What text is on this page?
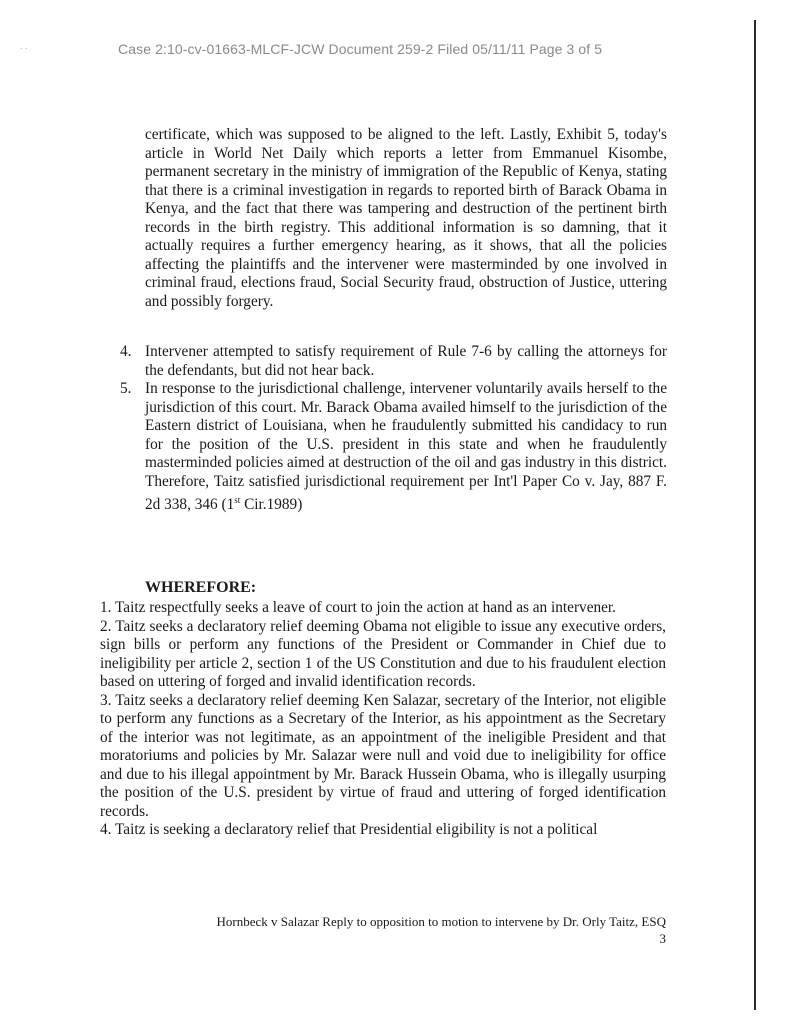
· ·	Case 2:10-cv-01663-MLCF-JCW Document 259-2 Filed 05/11/11 Page 3 of 5
certificate, which was supposed to be aligned to the left. Lastly, Exhibit 5, today's article in World Net Daily which reports a letter from Emmanuel Kisombe, permanent secretary in the ministry of immigration of the Republic of Kenya, stating that there is a criminal investigation in regards to reported birth of Barack Obama in Kenya, and the fact that there was tampering and destruction of the pertinent birth records in the birth registry. This additional information is so damning, that it actually requires a further emergency hearing, as it shows, that all the policies affecting the plaintiffs and the intervener were masterminded by one involved in criminal fraud, elections fraud, Social Security fraud, obstruction of Justice, uttering and possibly forgery.
4. Intervener attempted to satisfy requirement of Rule 7-6 by calling the attorneys for the defendants, but did not hear back.
5. In response to the jurisdictional challenge, intervener voluntarily avails herself to the jurisdiction of this court. Mr. Barack Obama availed himself to the jurisdiction of the Eastern district of Louisiana, when he fraudulently submitted his candidacy to run for the position of the U.S. president in this state and when he fraudulently masterminded policies aimed at destruction of the oil and gas industry in this district. Therefore, Taitz satisfied jurisdictional requirement per Int'l Paper Co v. Jay, 887 F. 2d 338, 346 (1st Cir.1989)
WHEREFORE:

1. Taitz respectfully seeks a leave of court to join the action at hand as an intervener.

2. Taitz seeks a declaratory relief deeming Obama not eligible to issue any executive orders, sign bills or perform any functions of the President or Commander in Chief due to ineligibility per article 2, section 1 of the US Constitution and due to his fraudulent election based on uttering of forged and invalid identification records.

3. Taitz seeks a declaratory relief deeming Ken Salazar, secretary of the Interior, not eligible to perform any functions as a Secretary of the Interior, as his appointment as the Secretary of the interior was not legitimate, as an appointment of the ineligible President and that moratoriums and policies by Mr. Salazar were null and void due to ineligibility for office and due to his illegal appointment by Mr. Barack Hussein Obama, who is illegally usurping the position of the U.S. president by virtue of fraud and uttering of forged identification records.

4. Taitz is seeking a declaratory relief that Presidential eligibility is not a political

Hornbeck v Salazar Reply to opposition to motion to intervene by Dr. Orly Taitz, ESQ
3
